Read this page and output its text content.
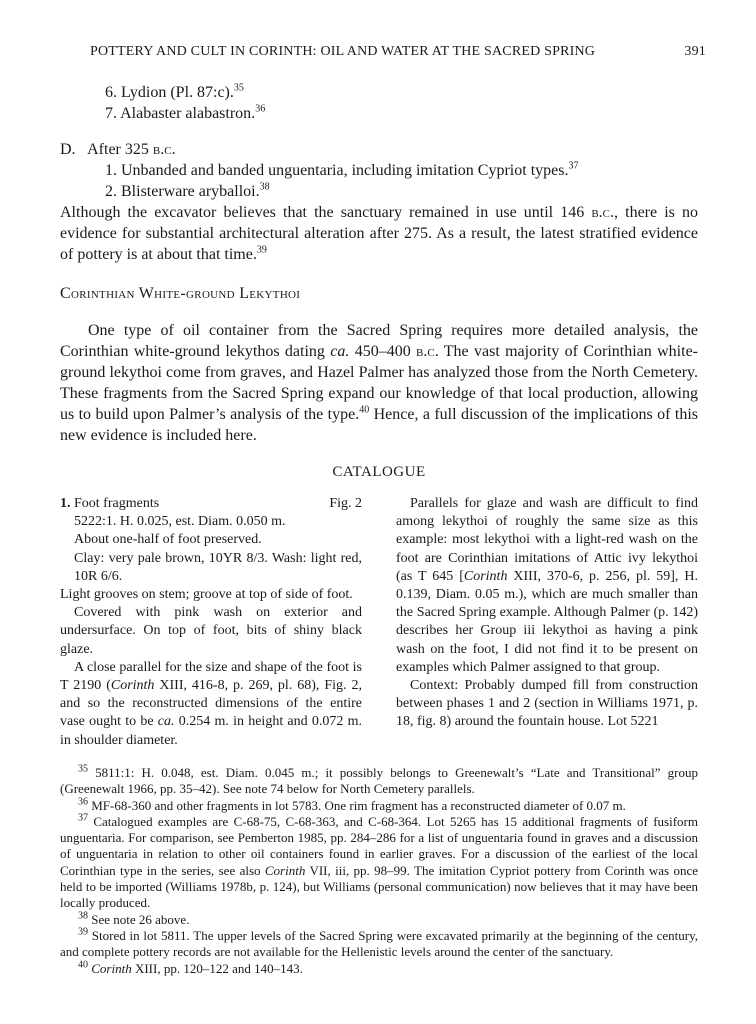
POTTERY AND CULT IN CORINTH: OIL AND WATER AT THE SACRED SPRING	391

6. Lydion (Pl. 87:c).$^{35}$

7. Alabaster alabastron.$^{36}$

D. After 325 b.c.

1. Unbanded and banded unguentaria, including imitation Cypriot types.$^{37}$

2. Blisterware aryballoi.$^{38}$

Although the excavator believes that the sanctuary remained in use until 146 b.c., there is no evidence for substantial architectural alteration after 275. As a result, the latest stratified evidence of pottery is at about that time.$^{39}$

Corinthian White-ground Lekythoi

One type of oil container from the Sacred Spring requires more detailed analysis, the Corinthian white-ground lekythos dating ca. 450–400 b.c. The vast majority of Corinthian white-ground lekythoi come from graves, and Hazel Palmer has analyzed those from the North Cemetery. These fragments from the Sacred Spring expand our knowledge of that local production, allowing us to build upon Palmer’s analysis of the type.$^{40}$ Hence, a full discussion of the implications of this new evidence is included here.

CATALOGUE

1. Foot fragments	Fig. 2

5222:1. H. 0.025, est. Diam. 0.050 m.

About one-half of foot preserved.

Clay: very pale brown, 10YR 8/3. Wash: light red, 10R 6/6.

Light grooves on stem; groove at top of side of foot.

Covered with pink wash on exterior and undersurface. On top of foot, bits of shiny black glaze.

A close parallel for the size and shape of the foot is T 2190 (Corinth XIII, 416-8, p. 269, pl. 68), Fig. 2, and so the reconstructed dimensions of the entire vase ought to be ca. 0.254 m. in height and 0.072 m. in shoulder diameter.

Parallels for glaze and wash are difficult to find among lekythoi of roughly the same size as this example: most lekythoi with a light-red wash on the foot are Corinthian imitations of Attic ivy lekythoi (as T 645 [Corinth XIII, 370-6, p. 256, pl. 59], H. 0.139, Diam. 0.05 m.), which are much smaller than the Sacred Spring example. Although Palmer (p. 142) describes her Group iii lekythoi as having a pink wash on the foot, I did not find it to be present on examples which Palmer assigned to that group.

Context: Probably dumped fill from construction between phases 1 and 2 (section in Williams 1971, p. 18, fig. 8) around the fountain house. Lot 5221

$^{35}$ 5811:1: H. 0.048, est. Diam. 0.045 m.; it possibly belongs to Greenewalt’s “Late and Transitional” group (Greenewalt 1966, pp. 35–42). See note 74 below for North Cemetery parallels.

$^{36}$ MF-68-360 and other fragments in lot 5783. One rim fragment has a reconstructed diameter of 0.07 m.

$^{37}$ Catalogued examples are C-68-75, C-68-363, and C-68-364. Lot 5265 has 15 additional fragments of fusiform unguentaria. For comparison, see Pemberton 1985, pp. 284–286 for a list of unguentaria found in graves and a discussion of unguentaria in relation to other oil containers found in earlier graves. For a discussion of the earliest of the local Corinthian type in the series, see also Corinth VII, iii, pp. 98–99. The imitation Cypriot pottery from Corinth was once held to be imported (Williams 1978b, p. 124), but Williams (personal communication) now believes that it may have been locally produced.

$^{38}$ See note 26 above.

$^{39}$ Stored in lot 5811. The upper levels of the Sacred Spring were excavated primarily at the beginning of the century, and complete pottery records are not available for the Hellenistic levels around the center of the sanctuary.

$^{40}$ Corinth XIII, pp. 120–122 and 140–143.
